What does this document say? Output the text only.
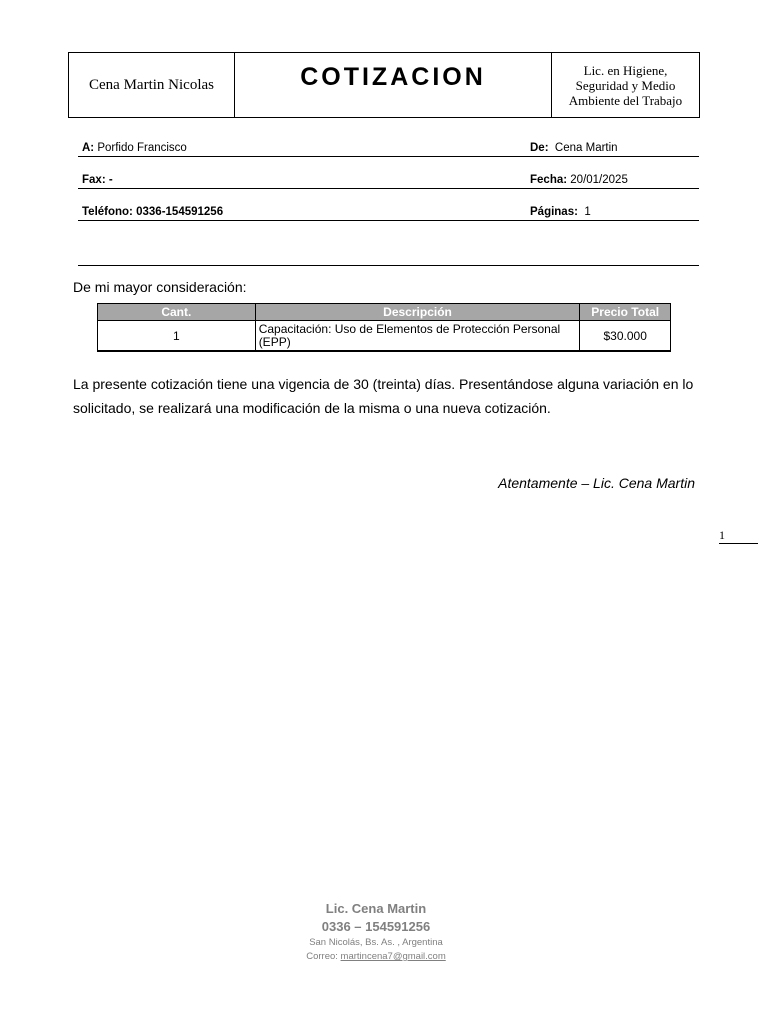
Cena Martin Nicolas	COTIZACION	Lic. en Higiene, Seguridad y Medio Ambiente del Trabajo
A: Porfido Francisco	De: Cena Martin
Fax: -	Fecha: 20/01/2025
Teléfono: 0336-154591256	Páginas: 1
De mi mayor consideración:
Cant.	Descripción	Precio Total
1	Capacitación: Uso de Elementos de Protección Personal (EPP)	$30.000
La presente cotización tiene una vigencia de 30 (treinta) días. Presentándose alguna variación en lo solicitado, se realizará una modificación de la misma o una nueva cotización.
Atentamente – Lic. Cena Martin
1
Lic. Cena Martin
0336 – 154591256
San Nicolás, Bs. As. , Argentina
Correo: martincena7@gmail.com
